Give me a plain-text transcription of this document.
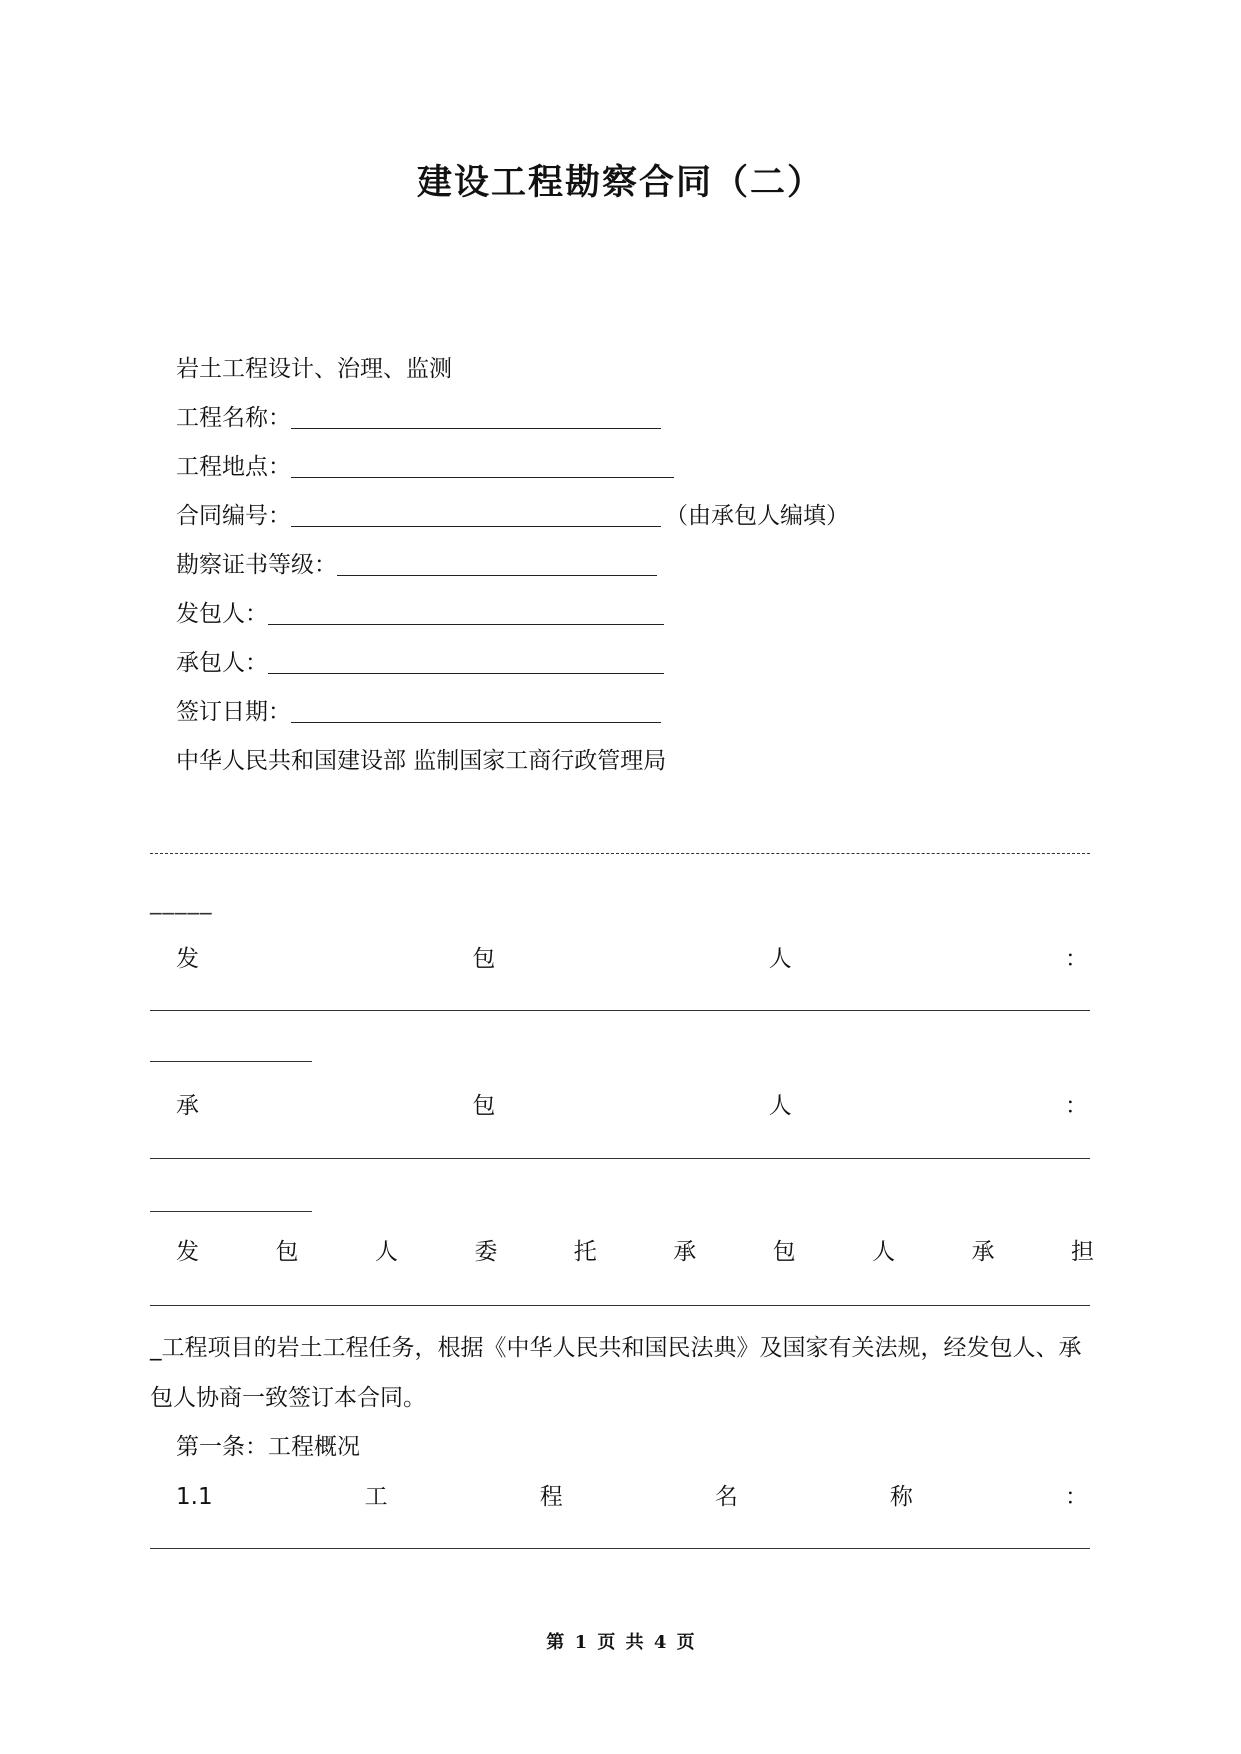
建设工程勘察合同（二）
岩土工程设计、治理、监测
工程名称：
工程地点：
合同编号：	（由承包人编填）
勘察证书等级：
发包人：
承包人：
签订日期：
中华人民共和国建设部 监制国家工商行政管理局
_____
发	包	人	：
承	包	人	：
发	包	人	委	托	承	包	人	承	担
_工程项目的岩土工程任务，根据《中华人民共和国民法典》及国家有关法规，经发包人、承包人协商一致签订本合同。
第一条：工程概况
1.1	工	程	名	称	：
第 1 页 共 4 页
